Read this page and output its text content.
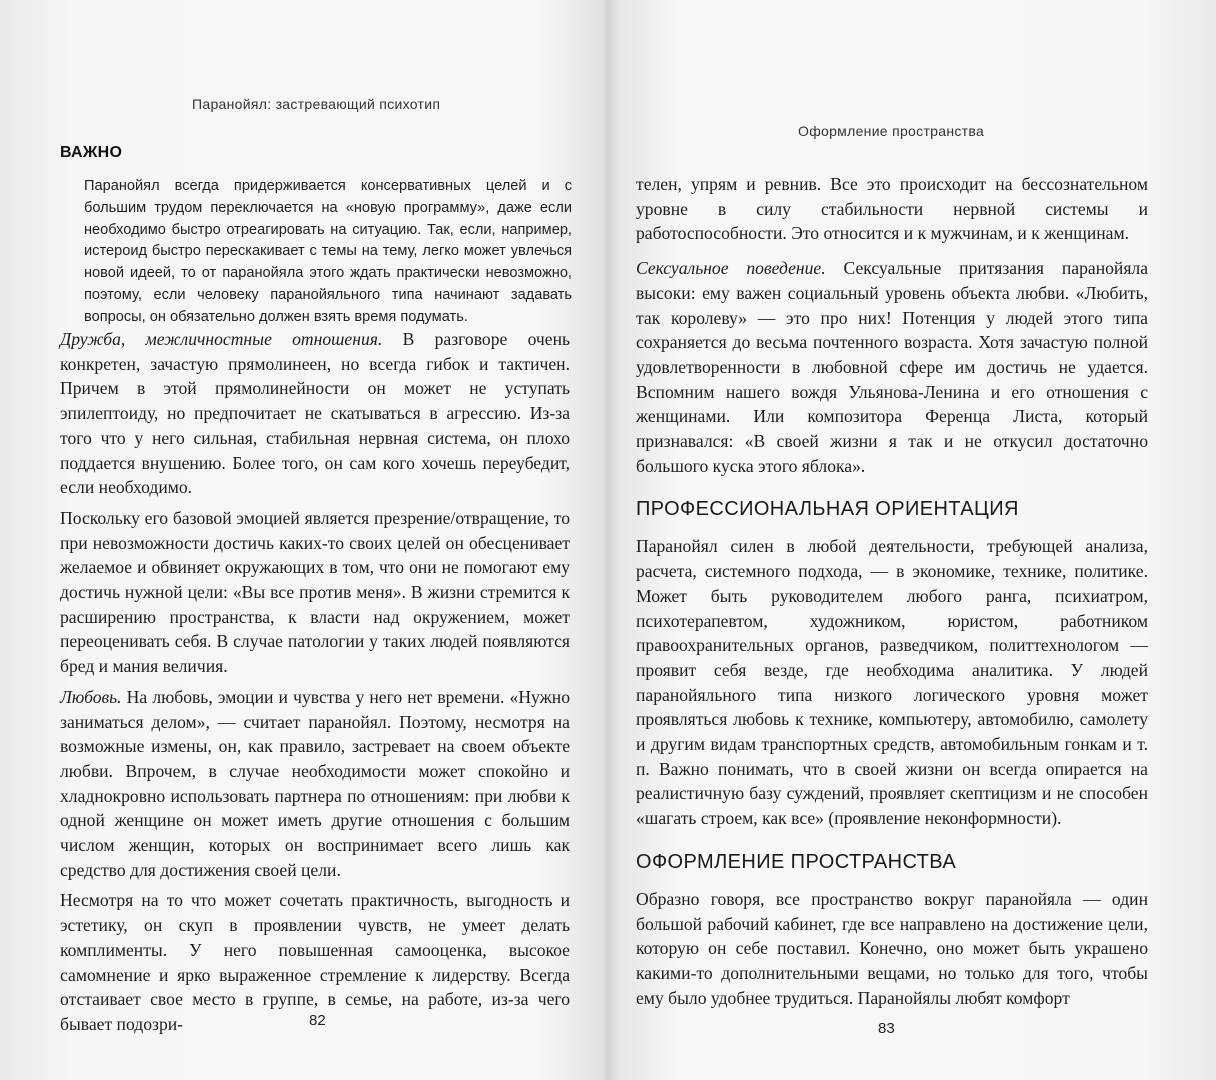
Паранойял: застревающий психотип
ВАЖНО

Паранойял всегда придерживается консервативных целей и с большим трудом переключается на «новую программу», даже если необходимо быстро отреагировать на ситуацию. Так, если, например, истероид быстро перескакивает с темы на тему, легко может увлечься новой идеей, то от паранойяла этого ждать практически невозможно, поэтому, если человеку паранойяльного типа начинают задавать вопросы, он обязательно должен взять время подумать.

Дружба, межличностные отношения. В разговоре очень конкретен, зачастую прямолинеен, но всегда гибок и тактичен. Причем в этой прямолинейности он может не уступать эпилептоиду, но предпочитает не скатываться в агрессию. Из-за того что у него сильная, стабильная нервная система, он плохо поддается внушению. Более того, он сам кого хочешь переубедит, если необходимо.

Поскольку его базовой эмоцией является презрение/отвращение, то при невозможности достичь каких-то своих целей он обесценивает желаемое и обвиняет окружающих в том, что они не помогают ему достичь нужной цели: «Вы все против меня». В жизни стремится к расширению пространства, к власти над окружением, может переоценивать себя. В случае патологии у таких людей появляются бред и мания величия.

Любовь. На любовь, эмоции и чувства у него нет времени. «Нужно заниматься делом», — считает паранойял. Поэтому, несмотря на возможные измены, он, как правило, застревает на своем объекте любви. Впрочем, в случае необходимости может спокойно и хладнокровно использовать партнера по отношениям: при любви к одной женщине он может иметь другие отношения с большим числом женщин, которых он воспринимает всего лишь как средство для достижения своей цели.

Несмотря на то что может сочетать практичность, выгодность и эстетику, он скуп в проявлении чувств, не умеет делать комплименты. У него повышенная самооценка, высокое самомнение и ярко выраженное стремление к лидерству. Всегда отстаивает свое место в группе, в семье, на работе, из-за чего бывает подозри-	82
Оформление пространства

телен, упрям и ревнив. Все это происходит на бессознательном уровне в силу стабильности нервной системы и работоспособности. Это относится и к мужчинам, и к женщинам.

Сексуальное поведение. Сексуальные притязания паранойяла высоки: ему важен социальный уровень объекта любви. «Любить, так королеву» — это про них! Потенция у людей этого типа сохраняется до весьма почтенного возраста. Хотя зачастую полной удовлетворенности в любовной сфере им достичь не удается. Вспомним нашего вождя Ульянова-Ленина и его отношения с женщинами. Или композитора Ференца Листа, который признавался: «В своей жизни я так и не откусил достаточно большого куска этого яблока».

ПРОФЕССИОНАЛЬНАЯ ОРИЕНТАЦИЯ

Паранойял силен в любой деятельности, требующей анализа, расчета, системного подхода, — в экономике, технике, политике. Может быть руководителем любого ранга, психиатром, психотерапевтом, художником, юристом, работником правоохранительных органов, разведчиком, политтехнологом — проявит себя везде, где необходима аналитика. У людей паранойяльного типа низкого логического уровня может проявляться любовь к технике, компьютеру, автомобилю, самолету и другим видам транспортных средств, автомобильным гонкам и т. п. Важно понимать, что в своей жизни он всегда опирается на реалистичную базу суждений, проявляет скептицизм и не способен «шагать строем, как все» (проявление неконформности).

ОФОРМЛЕНИЕ ПРОСТРАНСТВА

Образно говоря, все пространство вокруг паранойяла — один большой рабочий кабинет, где все направлено на достижение цели, которую он себе поставил. Конечно, оно может быть украшено какими-то дополнительными вещами, но только для того, чтобы ему было удобнее трудиться. Паранойялы любят комфорт

83
